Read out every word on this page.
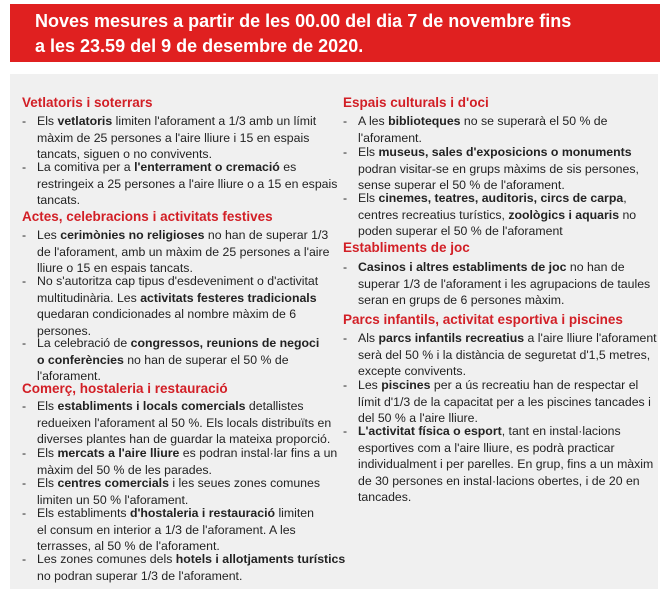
Noves mesures a partir de les 00.00 del dia 7 de novembre fins
a les 23.59 del 9 de desembre de 2020.
Vetlatoris i soterrars
- Els vetlatoris limiten l'aforament a 1/3 amb un límit
màxim de 25 persones a l'aire lliure i 15 en espais
tancats, siguen o no convivents.
- La comitiva per a l'enterrament o cremació es
restringeix a 25 persones a l'aire lliure o a 15 en espais
tancats.
Actes, celebracions i activitats festives
- Les cerimònies no religioses no han de superar 1/3
de l'aforament, amb un màxim de 25 persones a l'aire
lliure o 15 en espais tancats.
- No s'autoritza cap tipus d'esdeveniment o d'activitat
multitudinària. Les activitats festeres tradicionals
quedaran condicionades al nombre màxim de 6
persones.
- La celebració de congressos, reunions de negoci
o conferències no han de superar el 50 % de
l'aforament.
Comerç, hostaleria i restauració
- Els establiments i locals comercials detallistes
redueixen l'aforament al 50 %. Els locals distribuïts en
diverses plantes han de guardar la mateixa proporció.
- Els mercats a l'aire lliure es podran instal·lar fins a un
màxim del 50 % de les parades.
- Els centres comercials i les seues zones comunes
limiten un 50 % l'aforament.
- Els establiments d'hostaleria i restauració limiten
el consum en interior a 1/3 de l'aforament. A les
terrasses, al 50 % de l'aforament.
- Les zones comunes dels hotels i allotjaments turístics
no podran superar 1/3 de l'aforament.
Espais culturals i d'oci
- A les biblioteques no se superarà el 50 % de
l'aforament.
- Els museus, sales d'exposicions o monuments
podran visitar-se en grups màxims de sis persones,
sense superar el 50 % de l'aforament.
- Els cinemes, teatres, auditoris, circs de carpa,
centres recreatius turístics, zoològics i aquaris no
poden superar el 50 % de l'aforament
Establiments de joc
- Casinos i altres establiments de joc no han de
superar 1/3 de l'aforament i les agrupacions de taules
seran en grups de 6 persones màxim.
Parcs infantils, activitat esportiva i piscines
- Als parcs infantils recreatius a l'aire lliure l'aforament
serà del 50 % i la distància de seguretat d'1,5 metres,
excepte convivents.
- Les piscines per a ús recreatiu han de respectar el
límit d'1/3 de la capacitat per a les piscines tancades i
del 50 % a l'aire lliure.
- L'activitat física o esport, tant en instal·lacions
esportives com a l'aire lliure, es podrà practicar
individualment i per parelles. En grup, fins a un màxim
de 30 persones en instal·lacions obertes, i de 20 en
tancades.
